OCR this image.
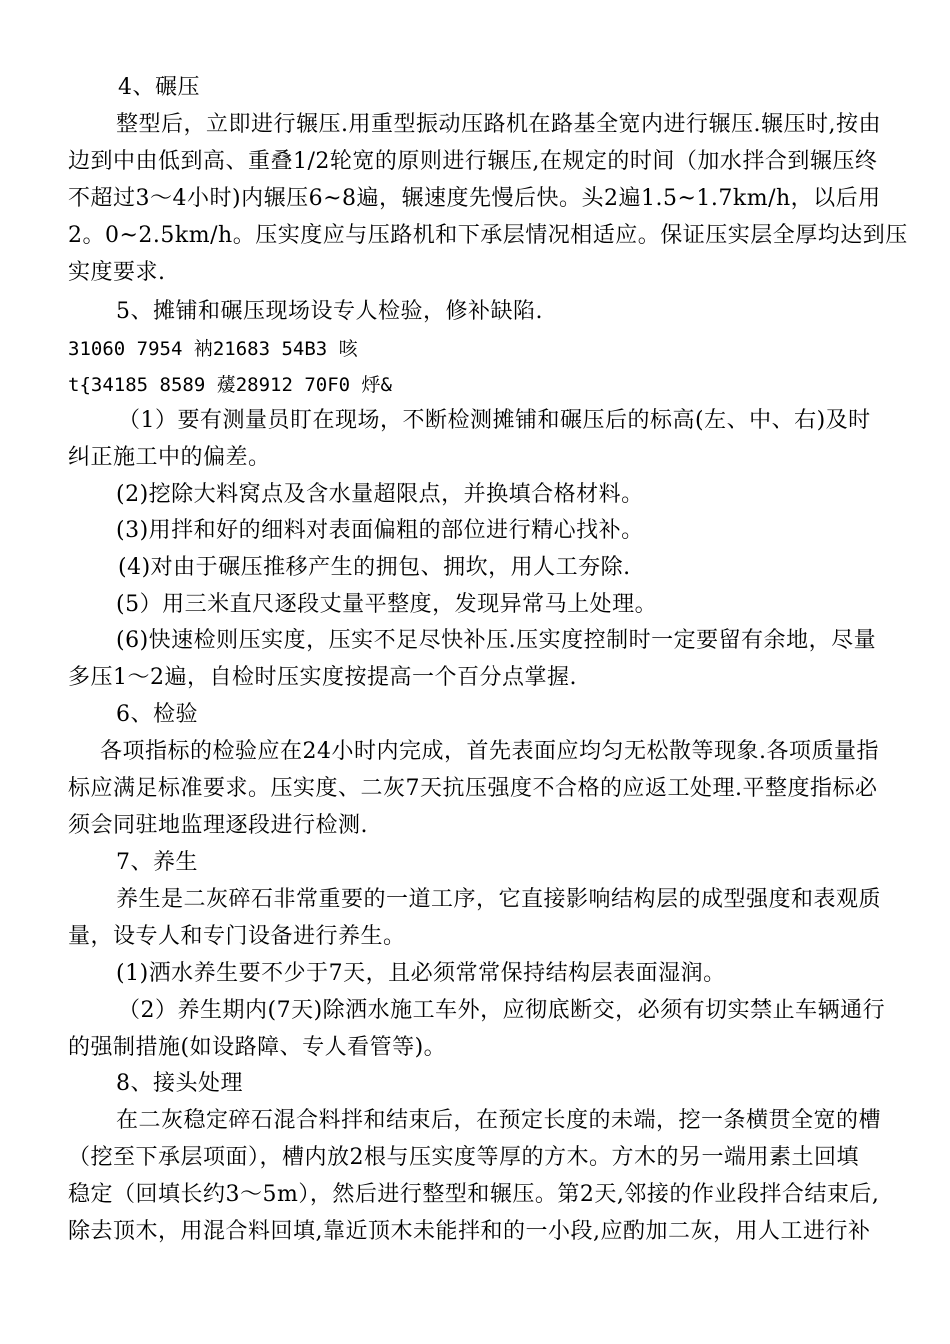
4、碾压
整型后，立即进行辗压.用重型振动压路机在路基全宽内进行辗压.辗压时,按由
边到中由低到高、重叠1/2轮宽的原则进行辗压,在规定的时间（加水拌合到辗压终
不超过3～4小时)内辗压6~8遍，辗速度先慢后快。头2遍1.5~1.7km/h，以后用
2。0~2.5km/h。压实度应与压路机和下承层情况相适应。保证压实层全厚均达到压
实度要求.
5、摊铺和碾压现场设专人检验，修补缺陷.
31060 7954 衲21683 54B3 咳
t{34185 8589 蕿28912 70F0 烀&
（1）要有测量员盯在现场，不断检测摊铺和碾压后的标高(左、中、右)及时
纠正施工中的偏差。
(2)挖除大料窝点及含水量超限点，并换填合格材料。
(3)用拌和好的细料对表面偏粗的部位进行精心找补。
(4)对由于碾压推移产生的拥包、拥坎，用人工夯除.
(5）用三米直尺逐段丈量平整度，发现异常马上处理。
(6)快速检则压实度，压实不足尽快补压.压实度控制时一定要留有余地，尽量
多压1～2遍，自检时压实度按提高一个百分点掌握.
6、检验
各项指标的检验应在24小时内完成，首先表面应均匀无松散等现象.各项质量指
标应满足标准要求。压实度、二灰7天抗压强度不合格的应返工处理.平整度指标必
须会同驻地监理逐段进行检测.
7、养生
养生是二灰碎石非常重要的一道工序，它直接影响结构层的成型强度和表观质
量，设专人和专门设备进行养生。
(1)洒水养生要不少于7天，且必须常常保持结构层表面湿润。
（2）养生期内(7天)除洒水施工车外，应彻底断交，必须有切实禁止车辆通行
的强制措施(如设路障、专人看管等)。
8、接头处理
在二灰稳定碎石混合料拌和结束后，在预定长度的未端，挖一条横贯全宽的槽
（挖至下承层项面），槽内放2根与压实度等厚的方木。方木的另一端用素土回填
稳定（回填长约3～5m），然后进行整型和辗压。第2天,邻接的作业段拌合结束后,
除去顶木，用混合料回填,靠近顶木未能拌和的一小段,应酌加二灰，用人工进行补
